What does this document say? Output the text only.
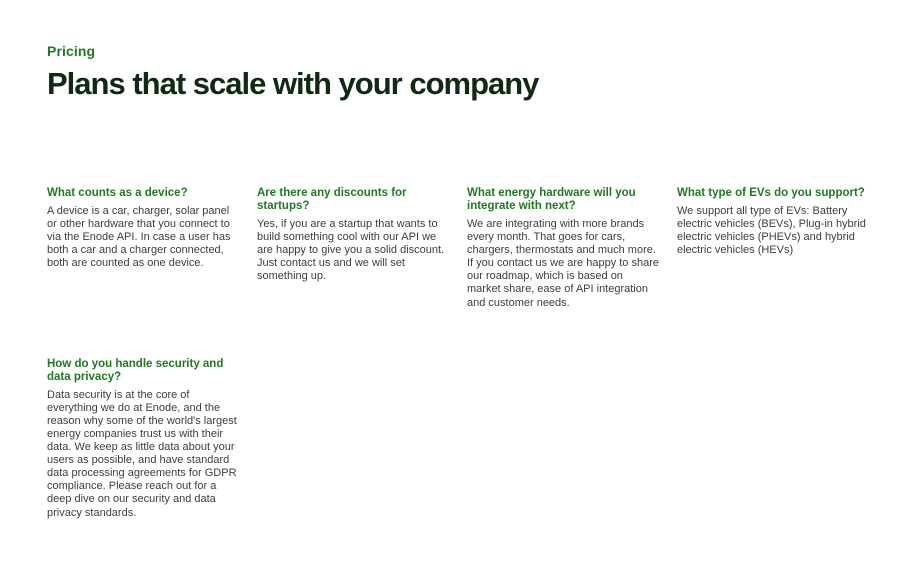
Pricing
Plans that scale with your company
What counts as a device?

A device is a car, charger, solar panel or other hardware that you connect to via the Enode API. In case a user has both a car and a charger connected, both are counted as one device.

Are there any discounts for startups?

Yes, if you are a startup that wants to build something cool with our API we are happy to give you a solid discount. Just contact us and we will set something up.

What energy hardware will you integrate with next?

We are integrating with more brands every month. That goes for cars, chargers, thermostats and much more. If you contact us we are happy to share our roadmap, which is based on market share, ease of API integration and customer needs.

What type of EVs do you support?

We support all type of EVs: Battery electric vehicles (BEVs), Plug-in hybrid electric vehicles (PHEVs) and hybrid electric vehicles (HEVs)

How do you handle security and data privacy?

Data security is at the core of everything we do at Enode, and the reason why some of the world's largest energy companies trust us with their data. We keep as little data about your users as possible, and have standard data processing agreements for GDPR compliance. Please reach out for a deep dive on our security and data privacy standards.
